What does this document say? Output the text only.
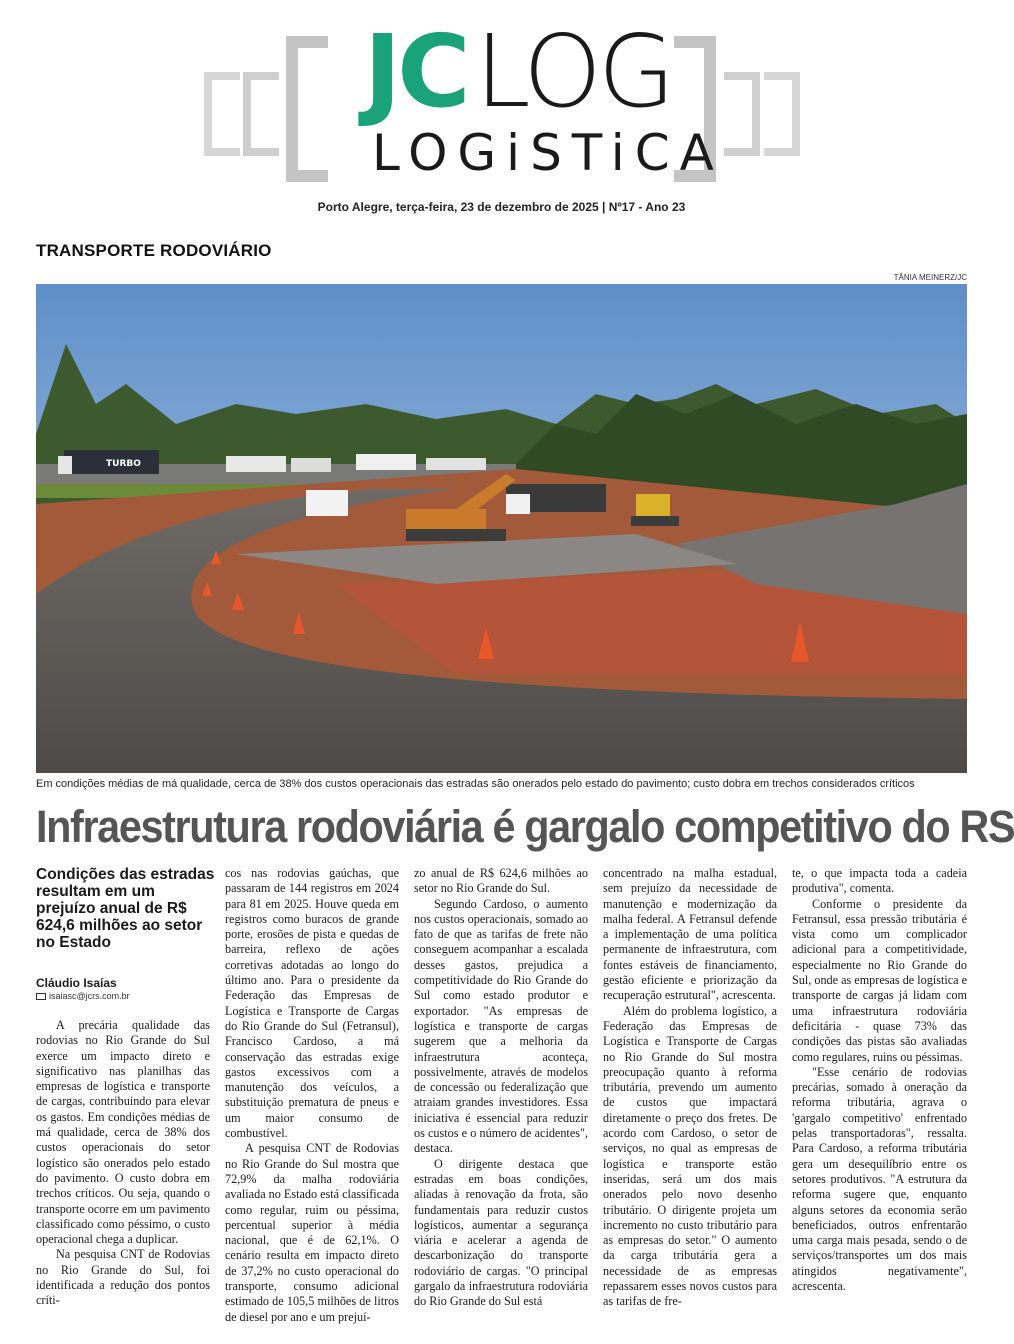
JC LOG
LOGiSTiCA
Porto Alegre, terça-feira, 23 de dezembro de 2025 | Nº17 - Ano 23
TRANSPORTE RODOVIÁRIO
TÂNIA MEINERZ/JC
TURBO
Em condições médias de má qualidade, cerca de 38% dos custos operacionais das estradas são onerados pelo estado do pavimento; custo dobra em trechos considerados críticos
Infraestrutura rodoviária é gargalo competitivo do RS
Condições das estradas resultam em um prejuízo anual de R$ 624,6 milhões ao setor no Estado
Cláudio Isaías
isaiasc@jcrs.com.br

A precária qualidade das rodovias no Rio Grande do Sul exerce um impacto direto e significativo nas planilhas das empresas de logística e transporte de cargas, contribuindo para elevar os gastos. Em condições médias de má qualidade, cerca de 38% dos custos operacionais do setor logístico são onerados pelo estado do pavimento. O custo dobra em trechos críticos. Ou seja, quando o transporte ocorre em um pavimento classificado como péssimo, o custo operacional chega a duplicar.

Na pesquisa CNT de Rodovias no Rio Grande do Sul, foi identificada a redução dos pontos críti-

cos nas rodovias gaúchas, que passaram de 144 registros em 2024 para 81 em 2025. Houve queda em registros como buracos de grande porte, erosões de pista e quedas de barreira, reflexo de ações corretivas adotadas ao longo do último ano. Para o presidente da Federação das Empresas de Logística e Transporte de Cargas do Rio Grande do Sul (Fetransul), Francisco Cardoso, a má conservação das estradas exige gastos excessivos com a manutenção dos veículos, a substituição prematura de pneus e um maior consumo de combustível.

A pesquisa CNT de Rodovias no Rio Grande do Sul mostra que 72,9% da malha rodoviária avaliada no Estado está classificada como regular, ruim ou péssima, percentual superior à média nacional, que é de 62,1%. O cenário resulta em impacto direto de 37,2% no custo operacional do transporte, consumo adicional estimado de 105,5 milhões de litros de diesel por ano e um prejuí-

zo anual de R$ 624,6 milhões ao setor no Rio Grande do Sul.

Segundo Cardoso, o aumento nos custos operacionais, somado ao fato de que as tarifas de frete não conseguem acompanhar a escalada desses gastos, prejudica a competitividade do Rio Grande do Sul como estado produtor e exportador. "As empresas de logística e transporte de cargas sugerem que a melhoria da infraestrutura aconteça, possivelmente, através de modelos de concessão ou federalização que atraiam grandes investidores. Essa iniciativa é essencial para reduzir os custos e o número de acidentes", destaca.

O dirigente destaca que estradas em boas condições, aliadas à renovação da frota, são fundamentais para reduzir custos logísticos, aumentar a segurança viária e acelerar a agenda de descarbonização do transporte rodoviário de cargas. "O principal gargalo da infraestrutura rodoviária do Rio Grande do Sul está

concentrado na malha estadual, sem prejuízo da necessidade de manutenção e modernização da malha federal. A Fetransul defende a implementação de uma política permanente de infraestrutura, com fontes estáveis de financiamento, gestão eficiente e priorização da recuperação estrutural", acrescenta.

Além do problema logístico, a Federação das Empresas de Logística e Transporte de Cargas no Rio Grande do Sul mostra preocupação quanto à reforma tributária, prevendo um aumento de custos que impactará diretamente o preço dos fretes. De acordo com Cardoso, o setor de serviços, no qual as empresas de logística e transporte estão inseridas, será um dos mais onerados pelo novo desenho tributário. O dirigente projeta um incremento no custo tributário para as empresas do setor." O aumento da carga tributária gera a necessidade de as empresas repassarem esses novos custos para as tarifas de fre-

te, o que impacta toda a cadeia produtiva", comenta.

Conforme o presidente da Fetransul, essa pressão tributária é vista como um complicador adicional para a competitividade, especialmente no Rio Grande do Sul, onde as empresas de logística e transporte de cargas já lidam com uma infraestrutura rodoviária deficitária - quase 73% das condições das pistas são avaliadas como regulares, ruins ou péssimas.

"Esse cenário de rodovias precárias, somado à oneração da reforma tributária, agrava o 'gargalo competitivo' enfrentado pelas transportadoras", ressalta. Para Cardoso, a reforma tributária gera um desequilíbrio entre os setores produtivos. "A estrutura da reforma sugere que, enquanto alguns setores da economia serão beneficiados, outros enfrentarão uma carga mais pesada, sendo o de serviços/transportes um dos mais atingidos negativamente", acrescenta.
